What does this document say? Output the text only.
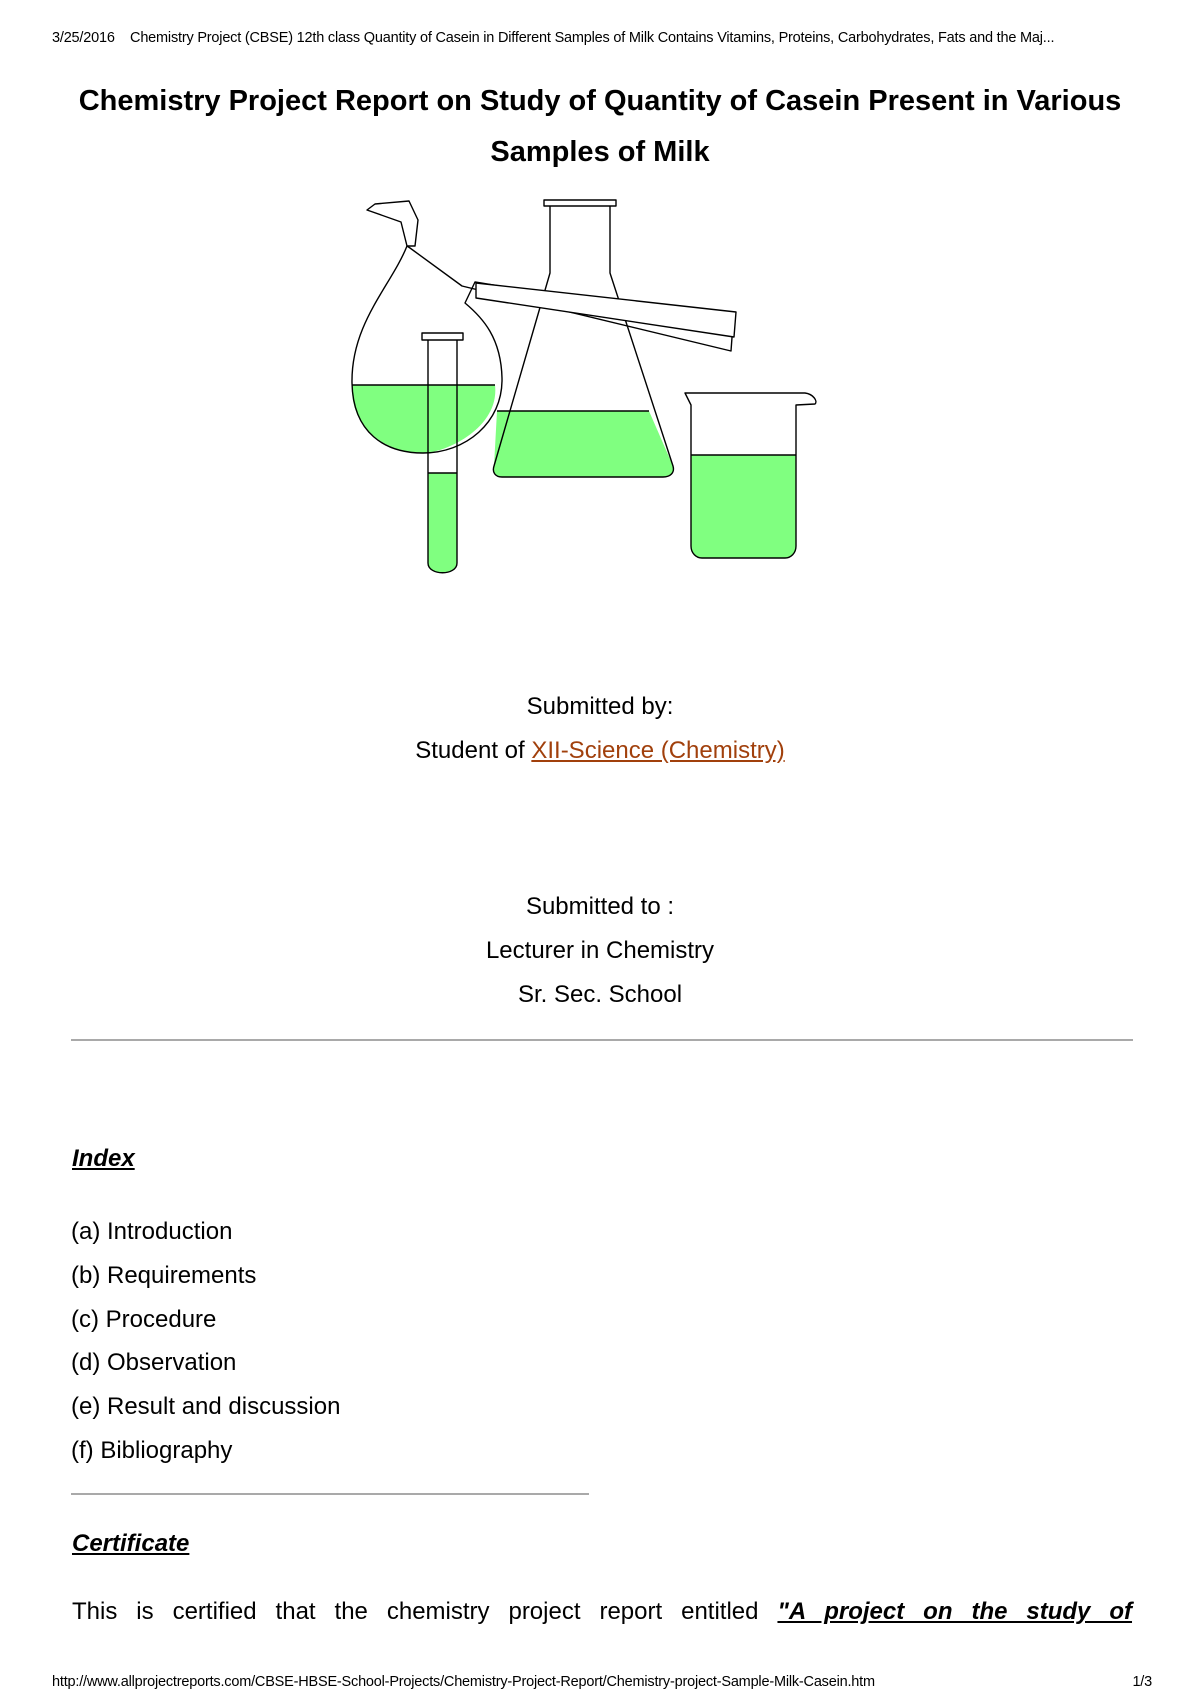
3/25/2016 Chemistry Project (CBSE) 12th class Quantity of Casein in Different Samples of Milk Contains Vitamins, Proteins, Carbohydrates, Fats and the Maj...
Chemistry Project Report on Study of Quantity of Casein Present in Various
Samples of Milk
Submitted by:
Student of XII-Science (Chemistry)
Submitted to :
Lecturer in Chemistry
Sr. Sec. School
Index
(a) Introduction
(b) Requirements
(c) Procedure
(d) Observation
(e) Result and discussion
(f) Bibliography
Certificate
This is certified that the chemistry project report entitled "A project on the study of
http://www.allprojectreports.com/CBSE-HBSE-School-Projects/Chemistry-Project-Report/Chemistry-project-Sample-Milk-Casein.htm	1/3
